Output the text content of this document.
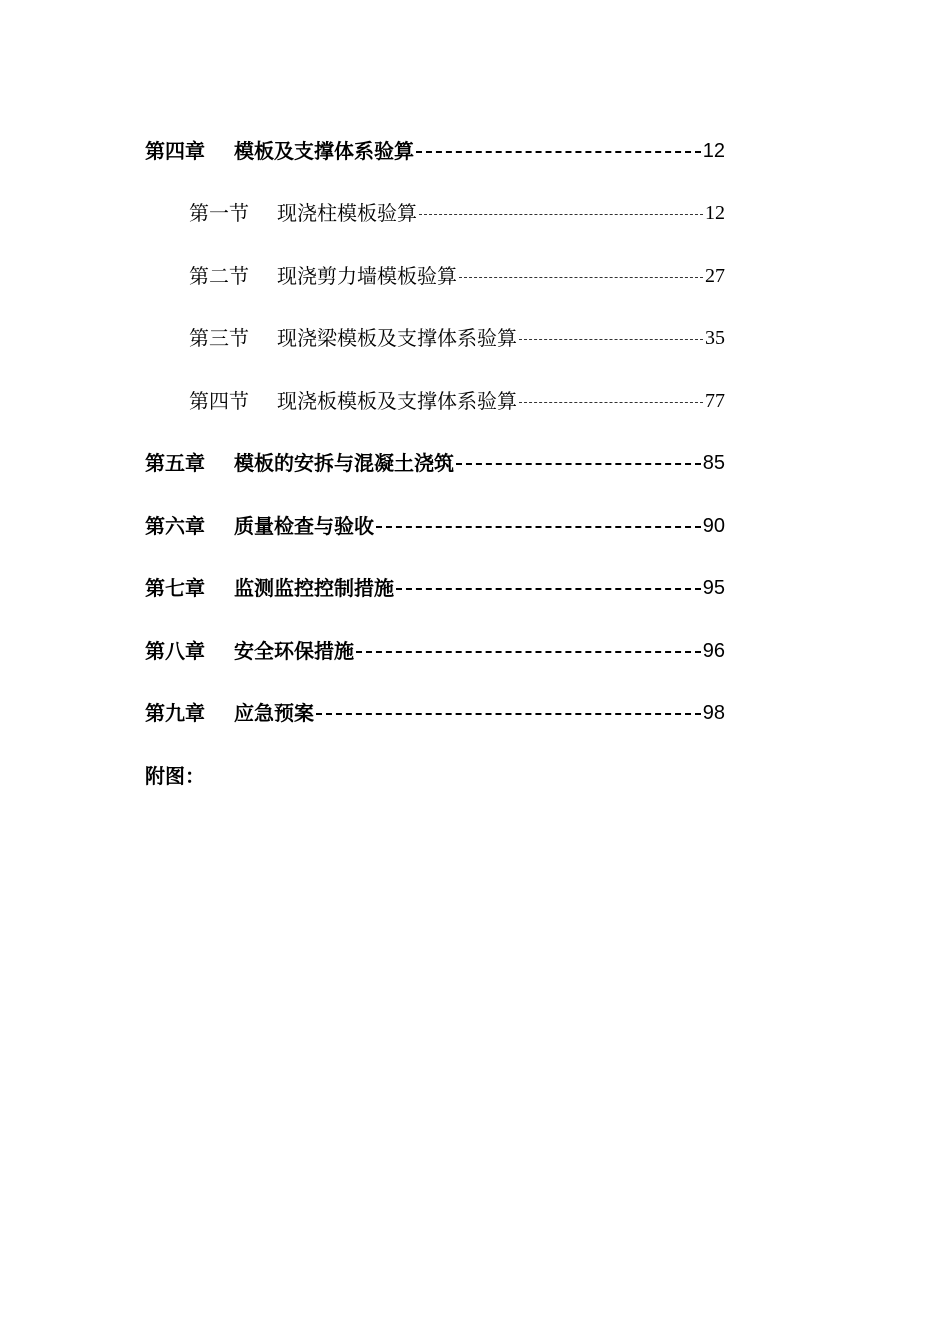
第四章	模板及支撑体系验算	12
第一节	现浇柱模板验算	12
第二节	现浇剪力墙模板验算	27
第三节	现浇梁模板及支撑体系验算	35
第四节	现浇板模板及支撑体系验算	77
第五章	模板的安拆与混凝土浇筑	85
第六章	质量检查与验收	90
第七章	监测监控控制措施	95
第八章	安全环保措施	96
第九章	应急预案	98
附图：
